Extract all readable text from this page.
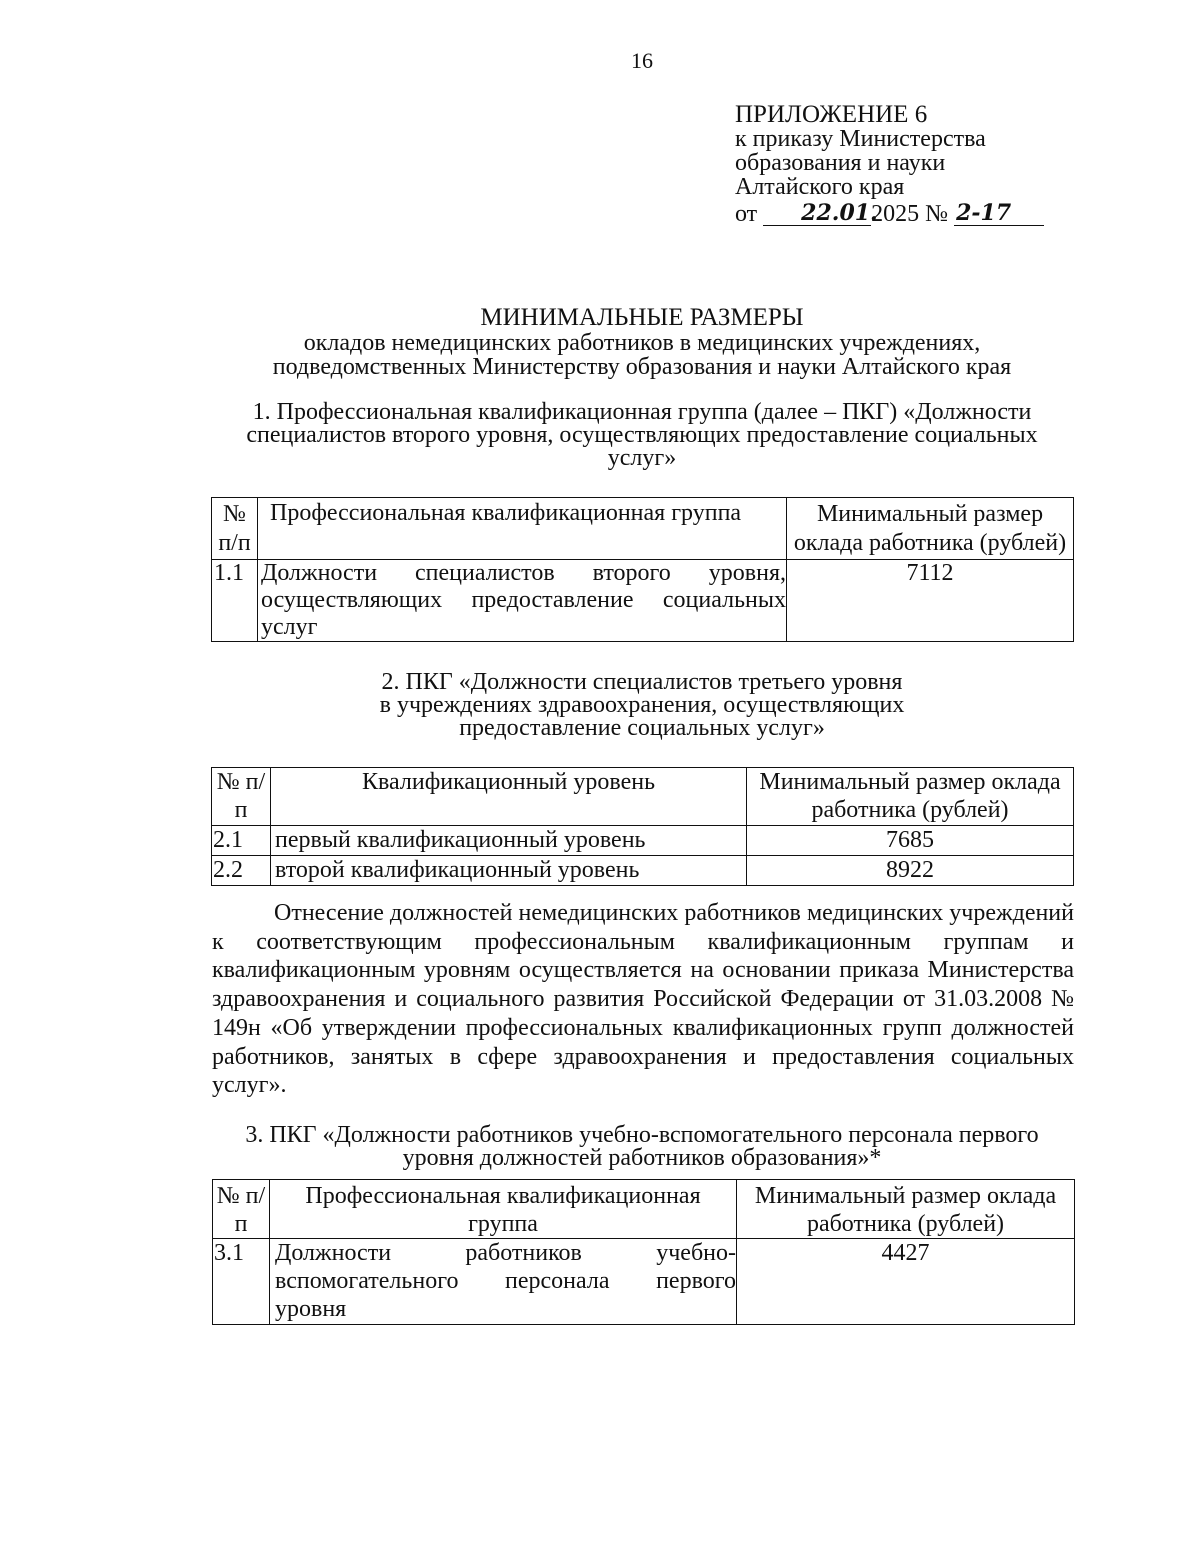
16
ПРИЛОЖЕНИЕ 6
к приказу Министерства
образования и науки
Алтайского края
от 22.01.
2025 № 2-17
МИНИМАЛЬНЫЕ РАЗМЕРЫ
окладов немедицинских работников в медицинских учреждениях,
подведомственных Министерству образования и науки Алтайского края
1. Профессиональная квалификационная группа (далее – ПКГ) «Должности
специалистов второго уровня, осуществляющих предоставление социальных
услуг»
№ п/п	Профессиональная квалификационная группа	Минимальный размер оклада работника (рублей)
1.1	Должности специалистов второго уровня,
осуществляющих предоставление социальных
услуг	7112
2. ПКГ «Должности специалистов третьего уровня
в учреждениях здравоохранения, осуществляющих
предоставление социальных услуг»
№ п/п	Квалификационный уровень	Минимальный размер оклада работника (рублей)
2.1	первый квалификационный уровень	7685
2.2	второй квалификационный уровень	8922
Отнесение должностей немедицинских работников медицинских учреждений к соответствующим профессиональным квалификационным группам и квалификационным уровням осуществляется на основании приказа Министерства здравоохранения и социального развития Российской Федерации от 31.03.2008 № 149н «Об утверждении профессиональных квалификационных групп должностей работников, занятых в сфере здравоохранения и предоставления социальных услуг».
3. ПКГ «Должности работников учебно-вспомогательного персонала первого
уровня должностей работников образования»*
№ п/п	Профессиональная квалификационная группа	Минимальный размер оклада работника (рублей)
3.1	Должности работников учебно-
вспомогательного персонала первого
уровня	4427
